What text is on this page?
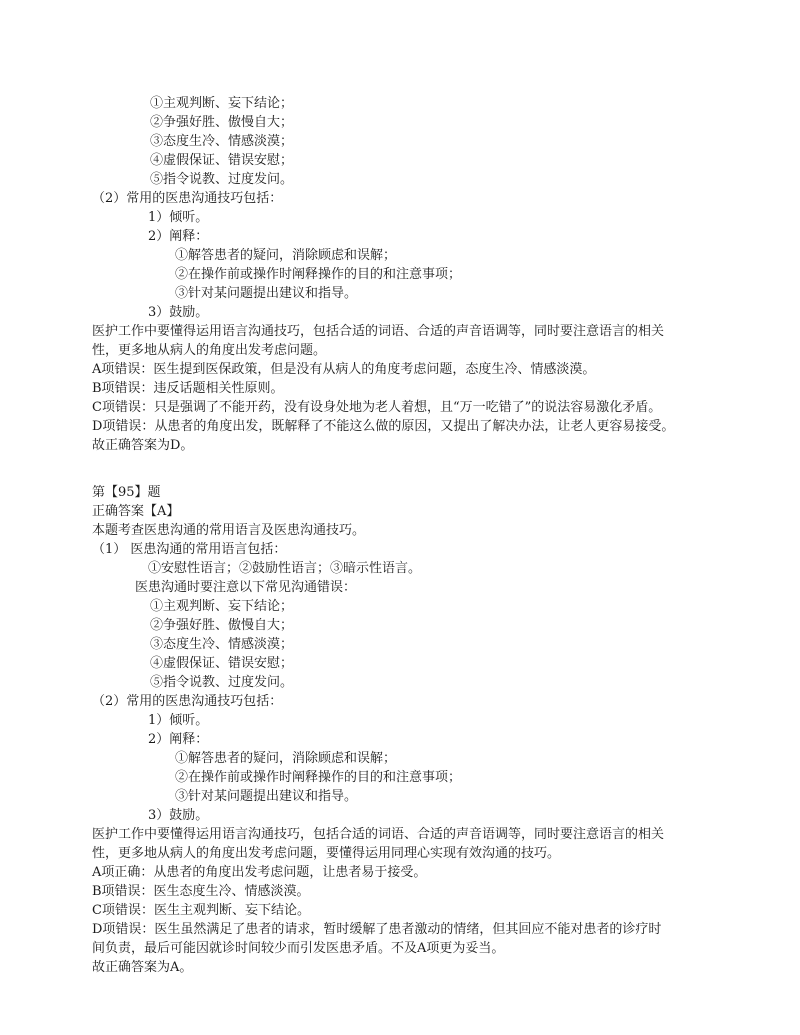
①主观判断、妄下结论；
②争强好胜、傲慢自大；
③态度生冷、情感淡漠；
④虚假保证、错误安慰；
⑤指令说教、过度发问。
（2）常用的医患沟通技巧包括：
1）倾听。
2）阐释：
①解答患者的疑问，消除顾虑和误解；
②在操作前或操作时阐释操作的目的和注意事项；
③针对某问题提出建议和指导。
3）鼓励。
医护工作中要懂得运用语言沟通技巧，包括合适的词语、合适的声音语调等，同时要注意语言的相关
性，更多地从病人的角度出发考虑问题。
A项错误：医生提到医保政策，但是没有从病人的角度考虑问题，态度生冷、情感淡漠。
B项错误：违反话题相关性原则。
C项错误：只是强调了不能开药，没有设身处地为老人着想，且“万一吃错了”的说法容易激化矛盾。
D项错误：从患者的角度出发，既解释了不能这么做的原因，又提出了解决办法，让老人更容易接受。
故正确答案为D。
第【95】题
正确答案【A】
本题考查医患沟通的常用语言及医患沟通技巧。
（1） 医患沟通的常用语言包括：
①安慰性语言；②鼓励性语言；③暗示性语言。
医患沟通时要注意以下常见沟通错误：
①主观判断、妄下结论；
②争强好胜、傲慢自大；
③态度生冷、情感淡漠；
④虚假保证、错误安慰；
⑤指令说教、过度发问。
（2）常用的医患沟通技巧包括：
1）倾听。
2）阐释：
①解答患者的疑问，消除顾虑和误解；
②在操作前或操作时阐释操作的目的和注意事项；
③针对某问题提出建议和指导。
3）鼓励。
医护工作中要懂得运用语言沟通技巧，包括合适的词语、合适的声音语调等，同时要注意语言的相关
性，更多地从病人的角度出发考虑问题，要懂得运用同理心实现有效沟通的技巧。
A项正确：从患者的角度出发考虑问题，让患者易于接受。
B项错误：医生态度生冷、情感淡漠。
C项错误：医生主观判断、妄下结论。
D项错误：医生虽然满足了患者的请求，暂时缓解了患者激动的情绪，但其回应不能对患者的诊疗时
间负责，最后可能因就诊时间较少而引发医患矛盾。不及A项更为妥当。
故正确答案为A。
